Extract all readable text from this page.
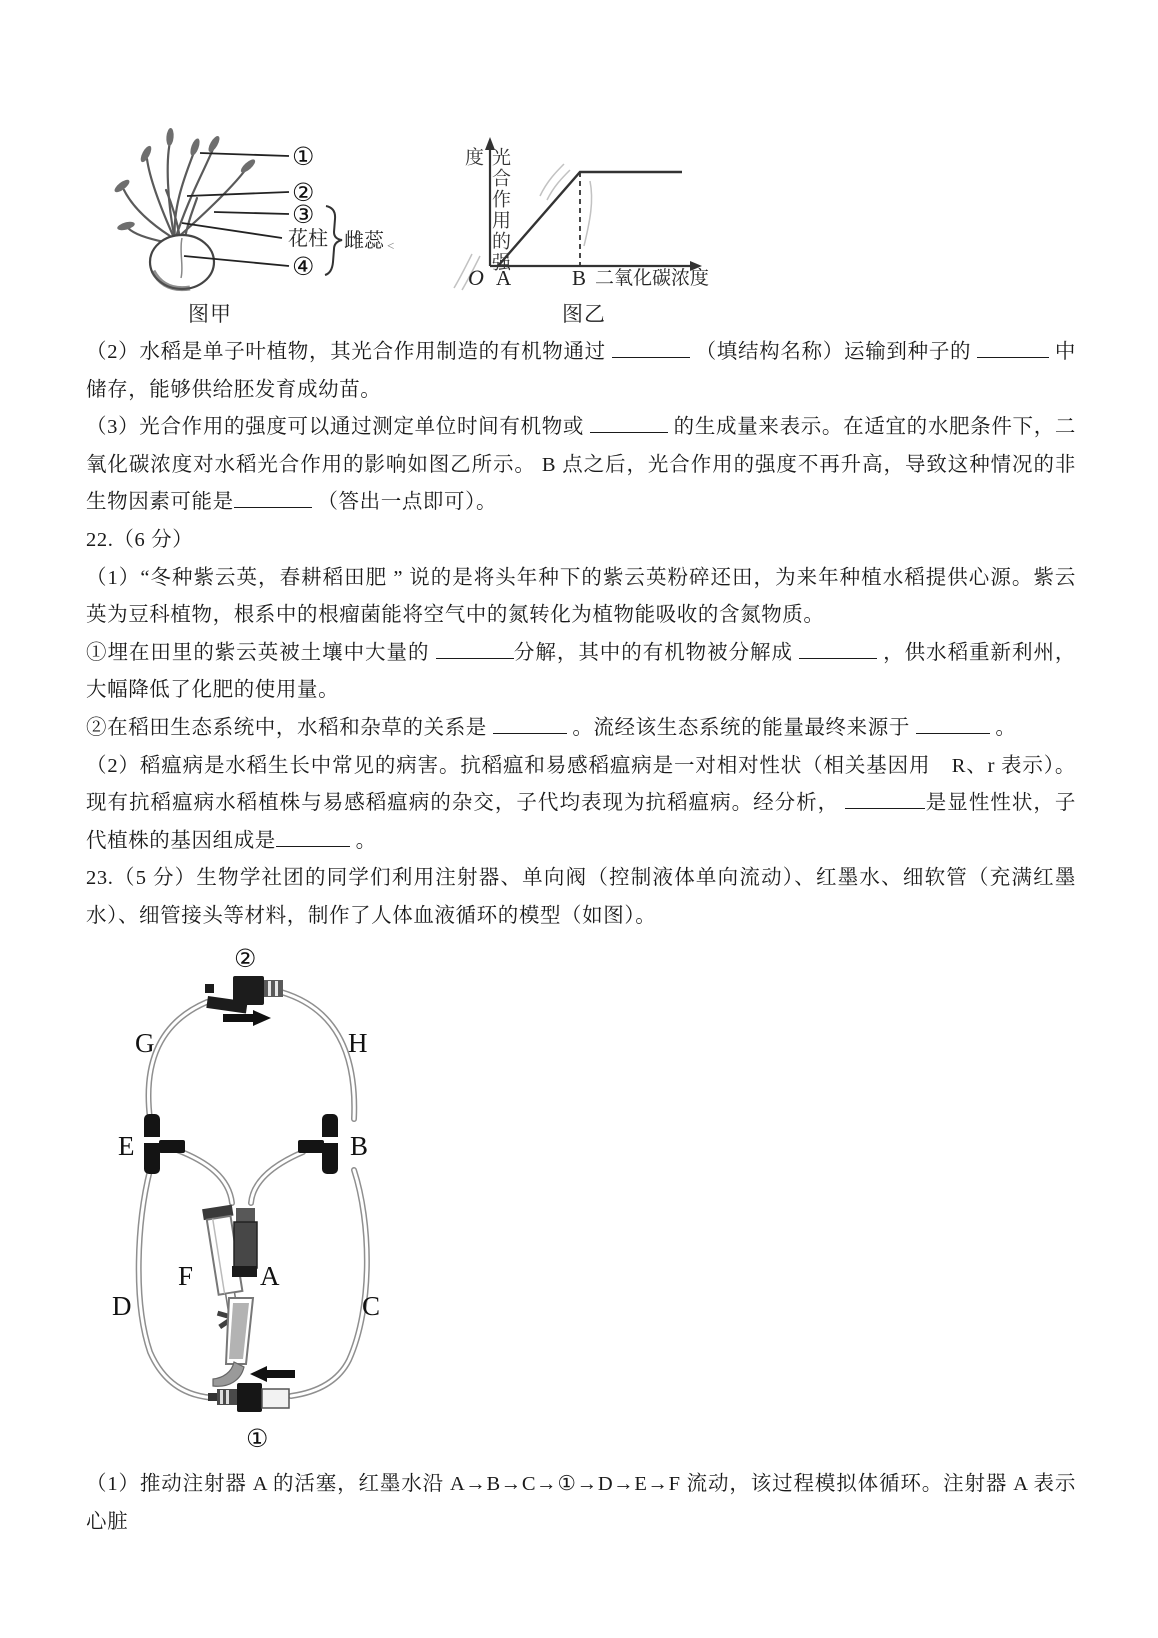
①
②
③
花柱
④
雌蕊 <
图甲
O A	B 二氧化碳浓度
光合作用的强度
图乙

（2）水稻是单子叶植物，其光合作用制造的有机物通过	（填结构名称）运输到种子的	中储存，能够供给胚发育成幼苗。

（3）光合作用的强度可以通过测定单位时间有机物或	的生成量来表示。在适宜的水肥条件下，二氧化碳浓度对水稻光合作用的影响如图乙所示。 B 点之后，光合作用的强度不再升高，导致这种情况的非生物因素可能是	（答出一点即可）。

22.（6 分）

（1）“冬种紫云英，春耕稻田肥 ” 说的是将头年种下的紫云英粉碎还田，为来年种植水稻提供心源。紫云英为豆科植物，根系中的根瘤菌能将空气中的氮转化为植物能吸收的含氮物质。

①埋在田里的紫云英被土壤中大量的	分解，其中的有机物被分解成	，供水稻重新利州，大幅降低了化肥的使用量。

②在稻田生态系统中，水稻和杂草的关系是	。流经该生态系统的能量最终来源于	。

（2）稻瘟病是水稻生长中常见的病害。抗稻瘟和易感稻瘟病是一对相对性状（相关基因用　R、r 表示）。现有抗稻瘟病水稻植株与易感稻瘟病的杂交，子代均表现为抗稻瘟病。经分析，	是显性性状，子代植株的基因组成是	。

23.（5 分）生物学社团的同学们利用注射器、单向阀（控制液体单向流动）、红墨水、细软管（充满红墨水）、细管接头等材料，制作了人体血液循环的模型（如图）。

②
G	H
E	B
F A
D	C
①

（1）推动注射器 A 的活塞，红墨水沿 A→B→C→①→D→E→F 流动，该过程模拟体循环。注射器 A 表示心脏
